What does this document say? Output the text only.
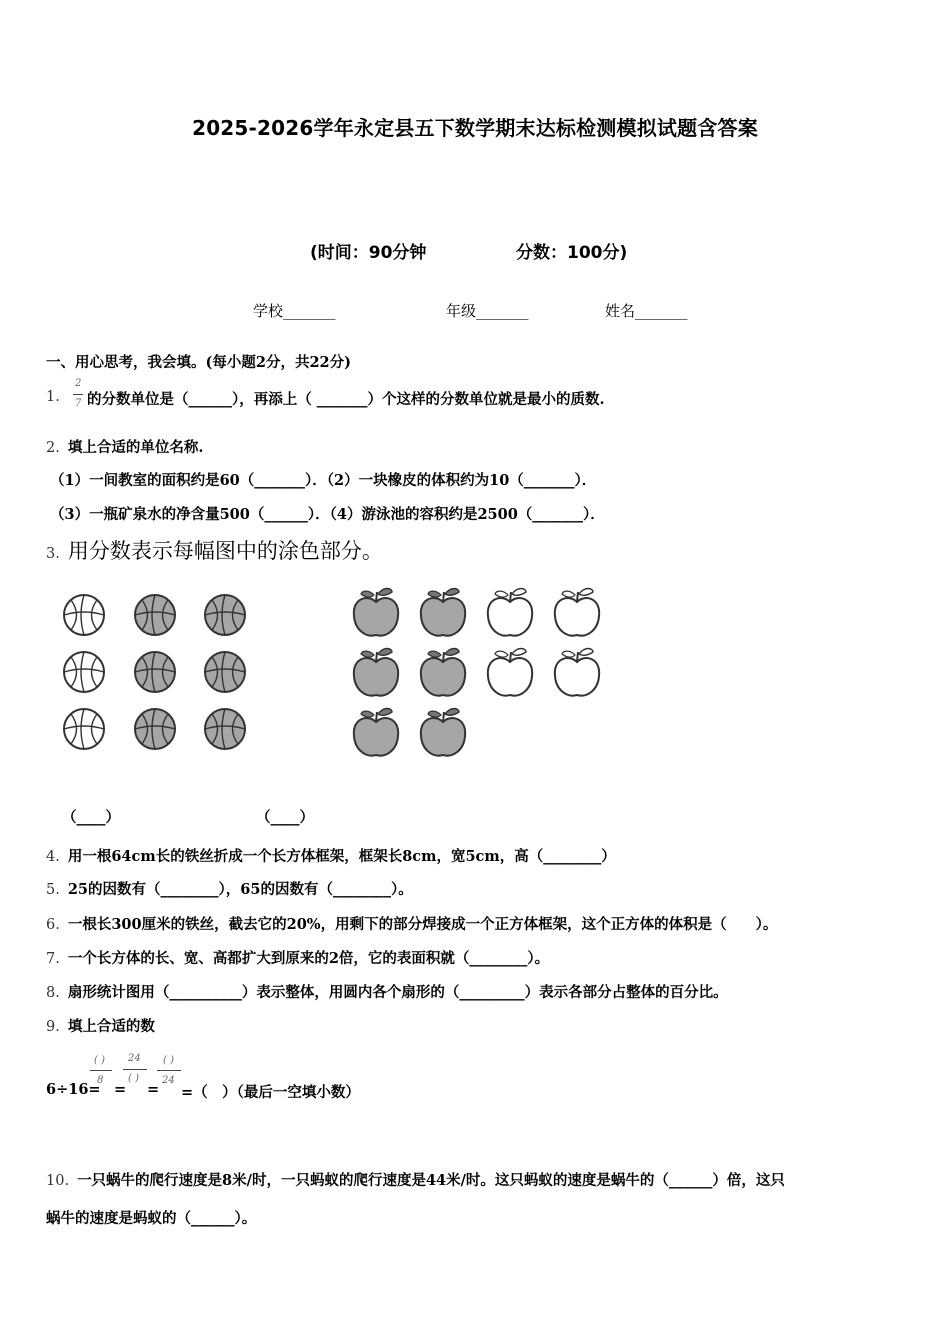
2025-2026学年永定县五下数学期末达标检测模拟试题含答案
(时间：90分钟	分数：100分)
学校_______	年级_______	姓名_______
一、用心思考，我会填。(每小题2分，共22分)
1.
2
7 的分数单位是（______），再添上（ _______）个这样的分数单位就是最小的质数.
2. 填上合适的单位名称.
（1）一间教室的面积约是60（_______）．（2）一块橡皮的体积约为10（_______）．
（3）一瓶矿泉水的净含量500（______）．（4）游泳池的容积约是2500（_______）．
3. 用分数表示每幅图中的涂色部分。
（____）	（____）
4. 用一根64cm长的铁丝折成一个长方体框架，框架长8cm，宽5cm，高（________）
5. 25的因数有（________），65的因数有（________）。
6. 一根长300厘米的铁丝，截去它的20%，用剩下的部分焊接成一个正方体框架，这个正方体的体积是（　　）。
7. 一个长方体的长、宽、高都扩大到原来的2倍，它的表面积就（________）。
8. 扇形统计图用（__________）表示整体，用圆内各个扇形的（_________）表示各部分占整体的百分比。
9. 填上合适的数
6÷16=
( )
8
=
24
( )
=
( )
24
=（　）（最后一空填小数）
10. 一只蜗牛的爬行速度是8米/时，一只蚂蚁的爬行速度是44米/时。这只蚂蚁的速度是蜗牛的（______）倍，这只
蜗牛的速度是蚂蚁的（______）。
